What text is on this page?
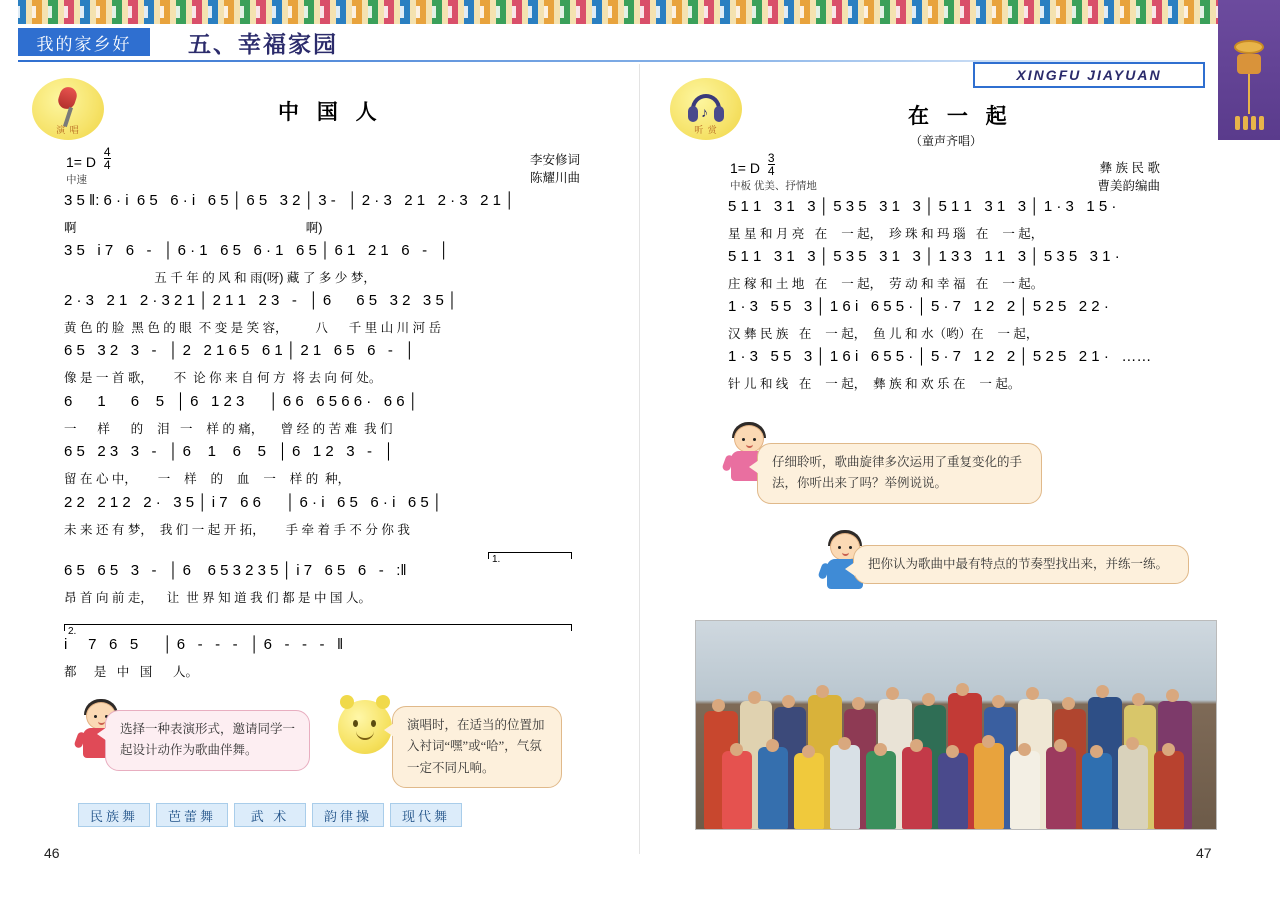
我的家乡好	五、幸福家园
XINGFU JIAYUAN
演 唱
中 国 人
1= D $\frac{4}{4}$
中速
李安修词
陈耀川曲
3 5 ‖: 6 · i  6 5   6 · i   6 5 │ 6 5   3 2 │ 3 -   │ 2 · 3   2 1   2 · 3   2 1 │
啊                                                                  啊)
3 5   i 7   6   -   │ 6 · 1   6 5   6 · 1   6 5 │ 6 1   2 1   6   -   │
五 千 年 的 风 和 雨(呀) 藏 了 多 少 梦，
2 · 3   2 1   2 · 3 2 1 │ 2 1 1   2 3   -   │ 6      6 5   3 2   3 5 │
黄 色 的 脸  黑 色 的 眼  不 变 是 笑 容，        八      千 里 山 川 河 岳
6 5   3 2   3   -   │ 2   2 1 6 5   6 1 │ 2 1   6 5   6   -   │
像 是 一 首 歌，      不  论 你 来 自 何 方  将 去 向 何 处。
6      1      6    5   │ 6   1 2 3      │ 6 6   6 5 6 6 ·   6 6 │
一      样      的    泪   一    样 的 痛，     曾 经 的 苦 难  我 们
6 5   2 3   3   -   │ 6    1    6    5   │ 6   1 2   3   -   │
留 在 心 中，      一    样    的    血    一    样 的  种，
2 2   2 1 2   2 ·   3 5 │ i 7   6 6      │ 6 · i   6 5   6 · i   6 5 │
未 来 还 有 梦，  我 们 一 起 开 拓，      手 牵 着 手 不 分 你 我
6 5   6 5   3   -   │ 6    6 5 3 2 3 5 │ i 7   6 5   6   -   :‖
昂 首 向 前 走，    让  世 界 知 道 我 们 都 是 中 国 人。
i     7   6   5      │ 6   -   -   -   │ 6   -   -   -   ‖
都     是   中   国      人。
1.
2.
选择一种表演形式，邀请同学一起设计动作为歌曲伴舞。
演唱时，在适当的位置加入衬词“嘿”或“哈”，气氛一定不同凡响。
民族舞	芭蕾舞	武 术	韵律操	现代舞
46
♪
听 赏
在 一 起
（童声齐唱）
1= D $\frac{3}{4}$
中板 优美、抒情地
彝 族 民 歌
曹美韵编曲
5 1 1   3 1   3 │ 5 3 5   3 1   3 │ 5 1 1   3 1   3 │ 1 · 3   1 5 ·
星 星 和 月 亮   在    一 起，  珍 珠 和 玛 瑙   在    一 起，
5 1 1   3 1   3 │ 5 3 5   3 1   3 │ 1 3 3   1 1   3 │ 5 3 5   3 1 ·
庄 稼 和 土 地   在    一 起，  劳 动 和 幸 福   在    一 起。
1 · 3   5 5   3 │ 1 6 i   6 5 5 · │ 5 · 7   1 2   2 │ 5 2 5   2 2 ·
汉 彝 民 族   在    一 起，  鱼 儿 和 水（哟）在    一 起，
1 · 3   5 5   3 │ 1 6 i   6 5 5 · │ 5 · 7   1 2   2 │ 5 2 5   2 1 ·   ……
针 儿 和 线   在    一 起，  彝 族 和 欢 乐 在    一 起。
仔细聆听，歌曲旋律多次运用了重复变化的手法，你听出来了吗？举例说说。
把你认为歌曲中最有特点的节奏型找出来，并练一练。
47
